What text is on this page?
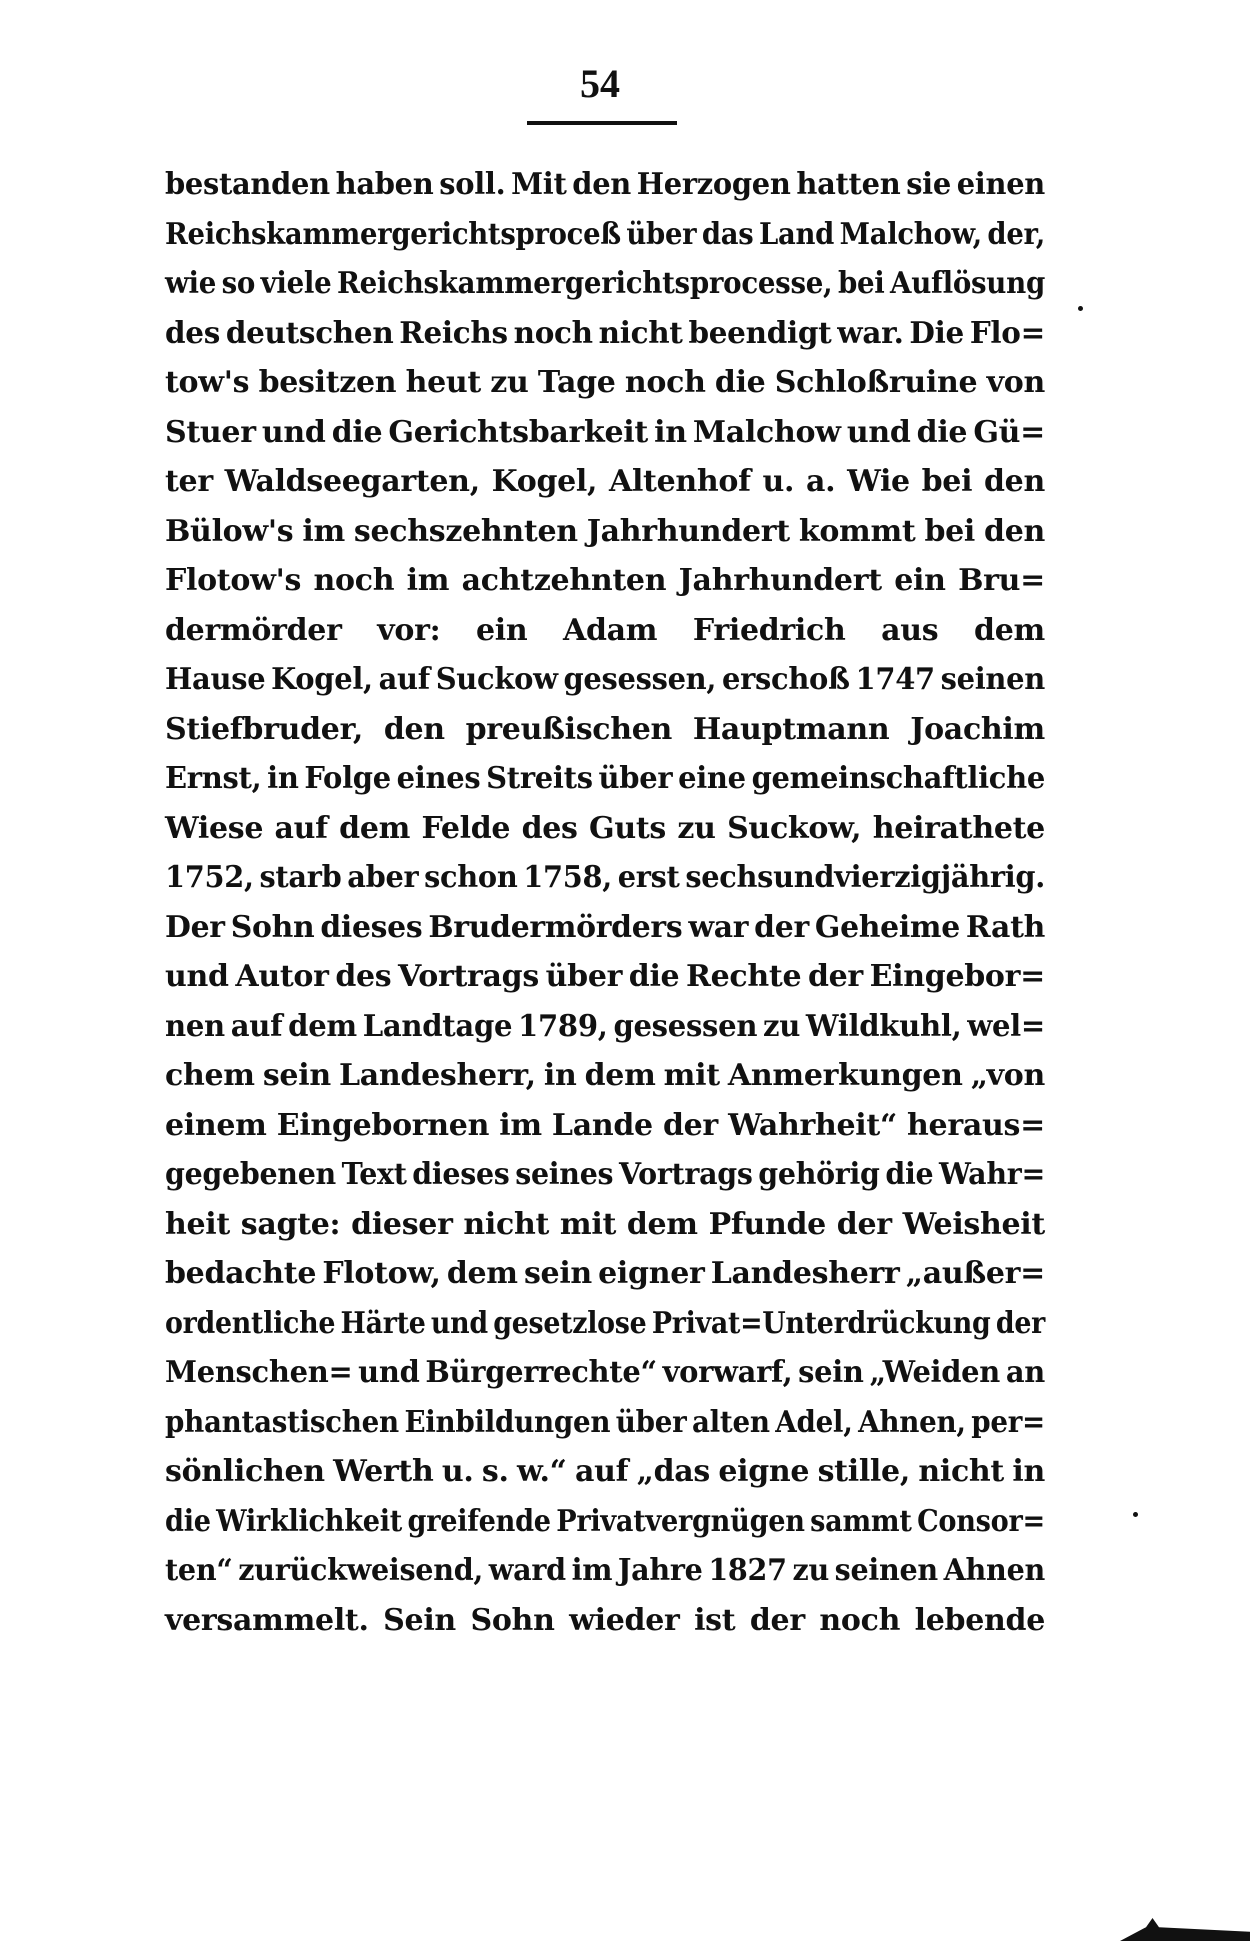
54
bestanden haben soll. Mit den Herzogen hatten sie einen
Reichskammergerichtsproceß über das Land Malchow, der,
wie so viele Reichskammergerichtsprocesse, bei Auflösung
des deutschen Reichs noch nicht beendigt war. Die Flo=
tow's besitzen heut zu Tage noch die Schloßruine von
Stuer und die Gerichtsbarkeit in Malchow und die Gü=
ter Waldseegarten, Kogel, Altenhof u. a. Wie bei den
Bülow's im sechszehnten Jahrhundert kommt bei den
Flotow's noch im achtzehnten Jahrhundert ein Bru=
dermörder vor: ein Adam Friedrich aus dem
Hause Kogel, auf Suckow gesessen, erschoß 1747 seinen
Stiefbruder, den preußischen Hauptmann Joachim
Ernst, in Folge eines Streits über eine gemeinschaftliche
Wiese auf dem Felde des Guts zu Suckow, heirathete
1752, starb aber schon 1758, erst sechsundvierzigjährig.
Der Sohn dieses Brudermörders war der Geheime Rath
und Autor des Vortrags über die Rechte der Eingebor=
nen auf dem Landtage 1789, gesessen zu Wildkuhl, wel=
chem sein Landesherr, in dem mit Anmerkungen „von
einem Eingebornen im Lande der Wahrheit“ heraus=
gegebenen Text dieses seines Vortrags gehörig die Wahr=
heit sagte: dieser nicht mit dem Pfunde der Weisheit
bedachte Flotow, dem sein eigner Landesherr „außer=
ordentliche Härte und gesetzlose Privat=Unterdrückung der
Menschen= und Bürgerrechte“ vorwarf, sein „Weiden an
phantastischen Einbildungen über alten Adel, Ahnen, per=
sönlichen Werth u. s. w.“ auf „das eigne stille, nicht in
die Wirklichkeit greifende Privatvergnügen sammt Consor=
ten“ zurückweisend, ward im Jahre 1827 zu seinen Ahnen
versammelt. Sein Sohn wieder ist der noch lebende
